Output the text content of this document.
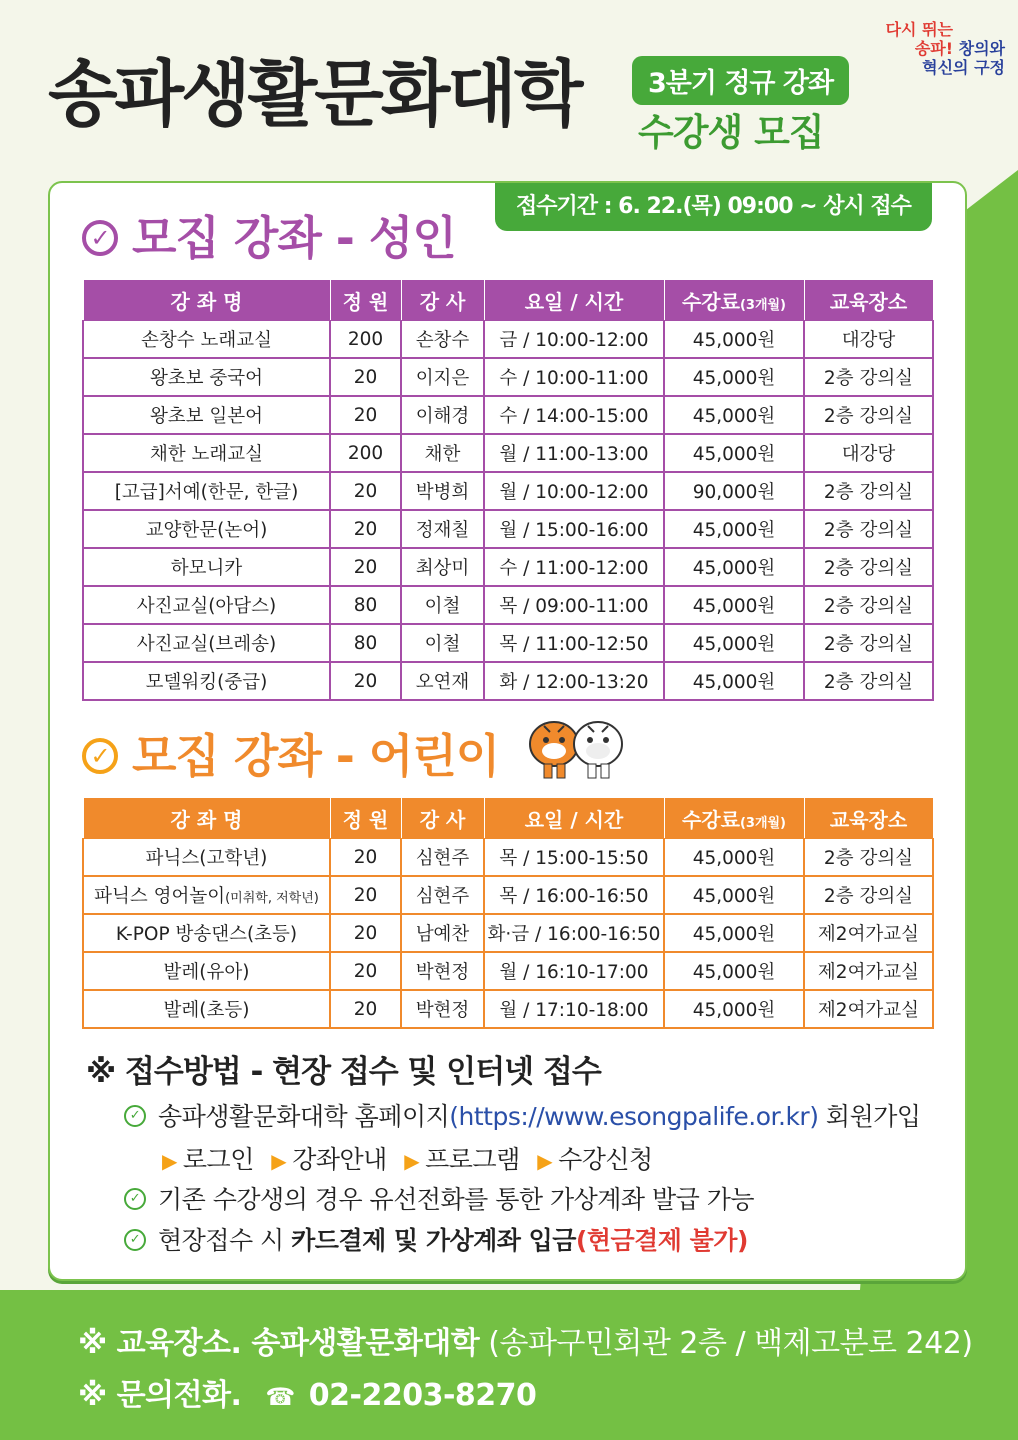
송파생활문화대학	3분기 정규 강좌
수강생 모집
다시 뛰는
송파! 창의와
혁신의 구정
접수기간 : 6. 22.(목) 09:00 ~ 상시 접수
✓ 모집 강좌 - 성인
강 좌 명	정 원	강 사	요일 / 시간	수강료(3개월)	교육장소
손창수 노래교실	200	손창수	금 / 10:00-12:00	45,000원	대강당
왕초보 중국어	20	이지은	수 / 10:00-11:00	45,000원	2층 강의실
왕초보 일본어	20	이해경	수 / 14:00-15:00	45,000원	2층 강의실
채한 노래교실	200	채한	월 / 11:00-13:00	45,000원	대강당
[고급]서예(한문, 한글)	20	박병희	월 / 10:00-12:00	90,000원	2층 강의실
교양한문(논어)	20	정재칠	월 / 15:00-16:00	45,000원	2층 강의실
하모니카	20	최상미	수 / 11:00-12:00	45,000원	2층 강의실
사진교실(아담스)	80	이철	목 / 09:00-11:00	45,000원	2층 강의실
사진교실(브레송)	80	이철	목 / 11:00-12:50	45,000원	2층 강의실
모델워킹(중급)	20	오연재	화 / 12:00-13:20	45,000원	2층 강의실
✓ 모집 강좌 - 어린이
강 좌 명	정 원	강 사	요일 / 시간	수강료(3개월)	교육장소
파닉스(고학년)	20	심현주	목 / 15:00-15:50	45,000원	2층 강의실
파닉스 영어놀이(미취학, 저학년)	20	심현주	목 / 16:00-16:50	45,000원	2층 강의실
K-POP 방송댄스(초등)	20	남예찬	화·금 / 16:00-16:50	45,000원	제2여가교실
발레(유아)	20	박현정	월 / 16:10-17:00	45,000원	제2여가교실
발레(초등)	20	박현정	월 / 17:10-18:00	45,000원	제2여가교실
※ 접수방법 - 현장 접수 및 인터넷 접수
✓ 송파생활문화대학 홈페이지(https://www.esongpalife.or.kr) 회원가입
▶ 로그인 ▶ 강좌안내 ▶ 프로그램 ▶ 수강신청
✓ 기존 수강생의 경우 유선전화를 통한 가상계좌 발급 가능
✓ 현장접수 시 카드결제 및 가상계좌 입금(현금결제 불가)
※ 교육장소. 송파생활문화대학 (송파구민회관 2층 / 백제고분로 242)
※ 문의전화. ☎ 02-2203-8270
